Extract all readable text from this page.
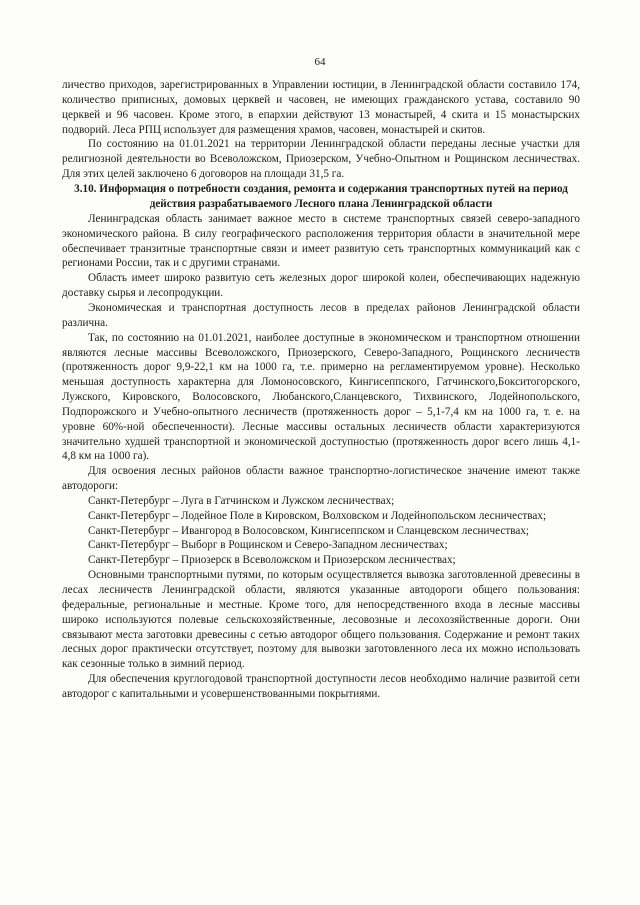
64

личество приходов, зарегистрированных в Управлении юстиции, в Ленинградской области составило 174, количество приписных, домовых церквей и часовен, не имеющих гражданского устава, составило 90 церквей и 96 часовен. Кроме этого, в епархии действуют 13 монастырей, 4 скита и 15 монастырских подворий. Леса РПЦ использует для размещения храмов, часовен, монастырей и скитов.

По состоянию на 01.01.2021 на территории Ленинградской области переданы лесные участки для религиозной деятельности во Всеволожском, Приозерском, Учебно-Опытном и Рощинском лесничествах. Для этих целей заключено 6 договоров на площади 31,5 га.

3.10. Информация о потребности создания, ремонта и содержания транспортных путей на период действия разрабатываемого Лесного плана Ленинградской области

Ленинградская область занимает важное место в системе транспортных связей северо-западного экономического района. В силу географического расположения территория области в значительной мере обеспечивает транзитные транспортные связи и имеет развитую сеть транспортных коммуникаций как с регионами России, так и с другими странами.

Область имеет широко развитую сеть железных дорог широкой колеи, обеспечивающих надежную доставку сырья и лесопродукции.

Экономическая и транспортная доступность лесов в пределах районов Ленинградской области различна.

Так, по состоянию на 01.01.2021, наиболее доступные в экономическом и транспортном отношении являются лесные массивы Всеволожского, Приозерского, Северо-Западного, Рощинского лесничеств (протяженность дорог 9,9-22,1 км на 1000 га, т.е. примерно на регламентируемом уровне). Несколько меньшая доступность характерна для Ломоносовского, Кингисеппского, Гатчинского,Бокситогорского, Лужского, Кировского, Волосовского, Любанского,Сланцевского, Тихвинского, Лодейнопольского, Подпорожского и Учебно-опытного лесничеств (протяженность дорог – 5,1-7,4 км на 1000 га, т. е. на уровне 60%-ной обеспеченности). Лесные массивы остальных лесничеств области характеризуются значительно худшей транспортной и экономической доступностью (протяженность дорог всего лишь 4,1-4,8 км на 1000 га).

Для освоения лесных районов области важное транспортно-логистическое значение имеют также автодороги:

Санкт-Петербург – Луга в Гатчинском и Лужском лесничествах;

Санкт-Петербург – Лодейное Поле в Кировском, Волховском и Лодейнопольском лесничествах;

Санкт-Петербург – Ивангород в Волосовском, Кингисеппском и Сланцевском лесничествах;

Санкт-Петербург – Выборг в Рощинском и Северо-Западном лесничествах;

Санкт-Петербург – Приозерск в Всеволожском и Приозерском лесничествах;

Основными транспортными путями, по которым осуществляется вывозка заготовленной древесины в лесах лесничеств Ленинградской области, являются указанные автодороги общего пользования: федеральные, региональные и местные. Кроме того, для непосредственного входа в лесные массивы широко используются полевые сельскохозяйственные, лесовозные и лесохозяйственные дороги. Они связывают места заготовки древесины с сетью автодорог общего пользования. Содержание и ремонт таких лесных дорог практически отсутствует, поэтому для вывозки заготовленного леса их можно использовать как сезонные только в зимний период.

Для обеспечения круглогодовой транспортной доступности лесов необходимо наличие развитой сети автодорог с капитальными и усовершенствованными покрытиями.
